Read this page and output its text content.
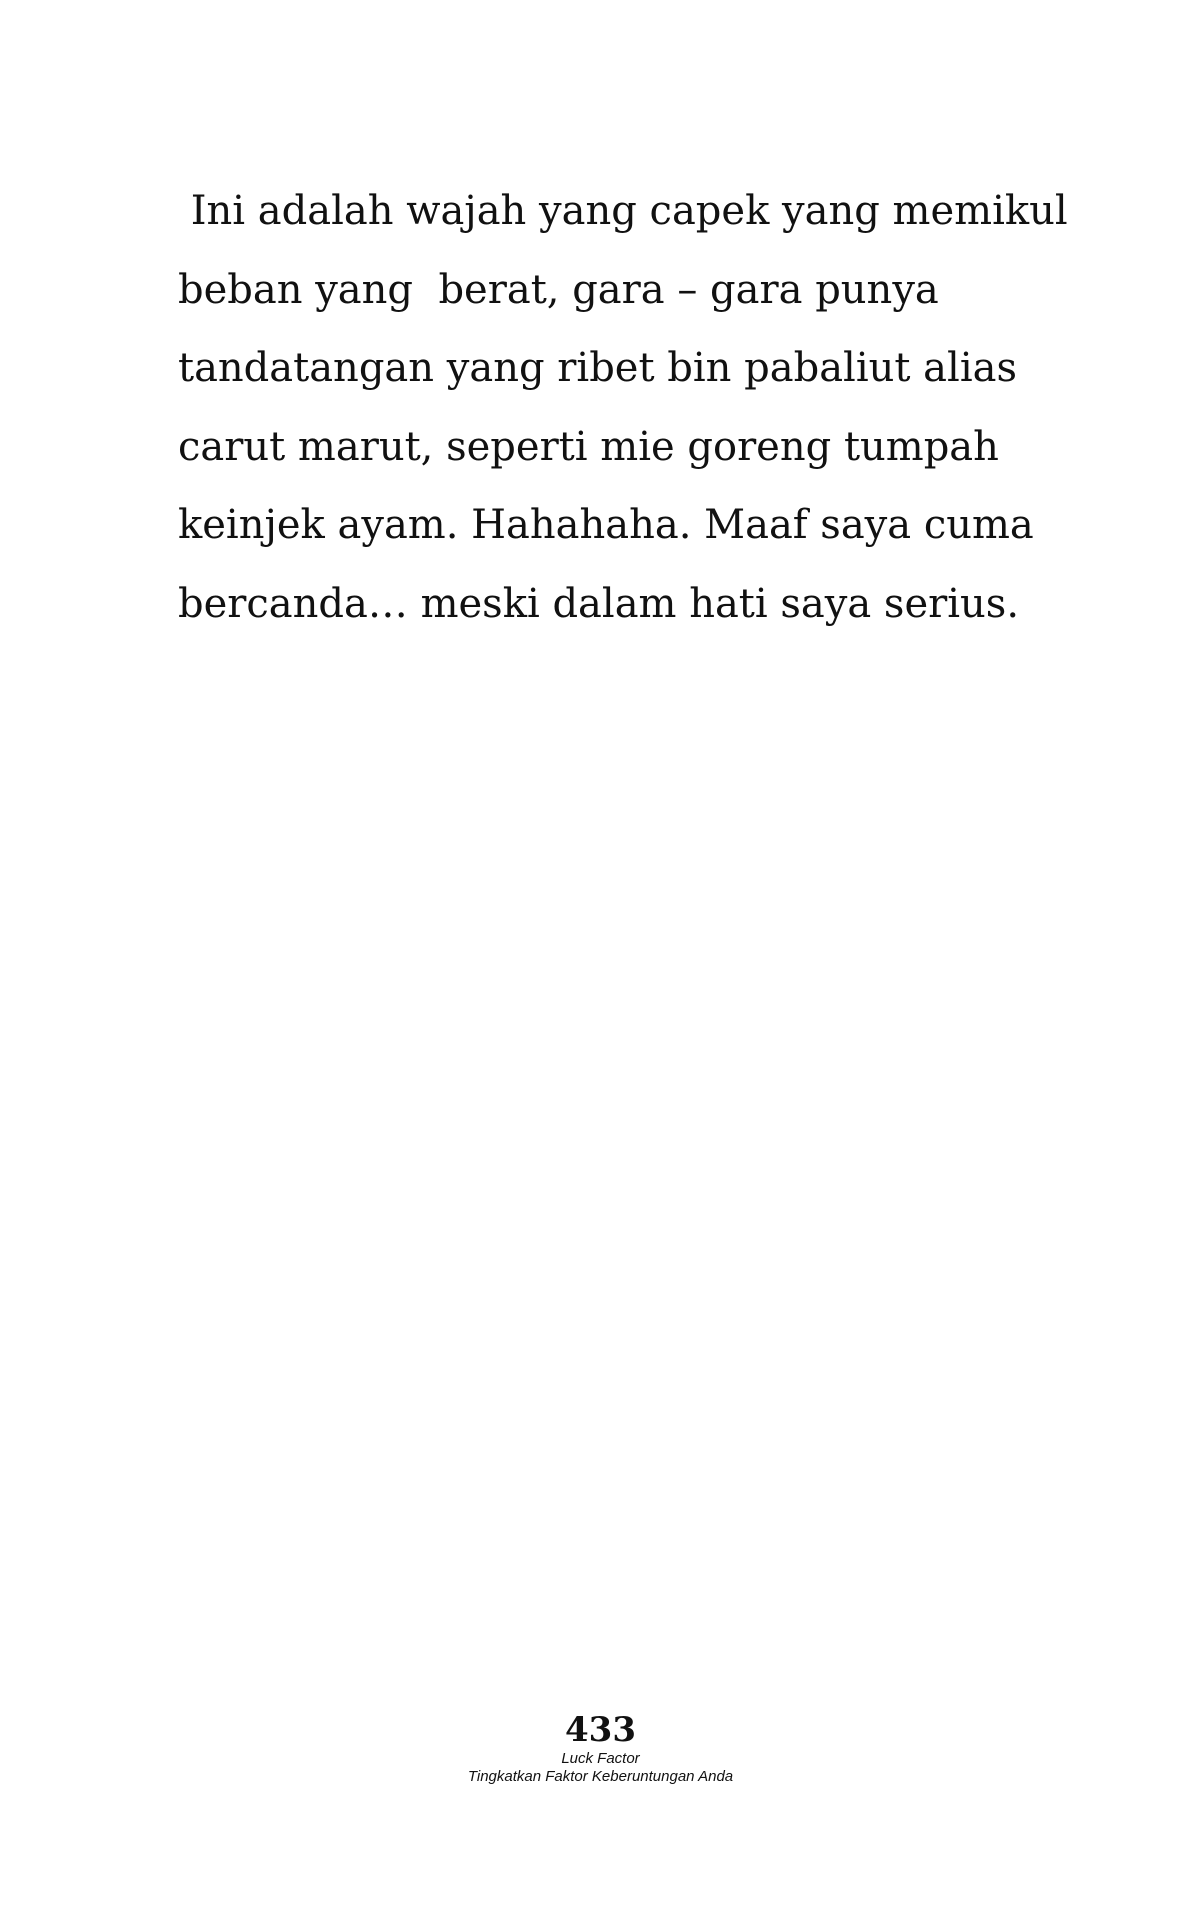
Ini adalah wajah yang capek yang memikul
beban yang  berat, gara – gara punya
tandatangan yang ribet bin pabaliut alias
carut marut, seperti mie goreng tumpah
keinjek ayam. Hahahaha. Maaf saya cuma
bercanda… meski dalam hati saya serius.
433
Luck Factor
Tingkatkan Faktor Keberuntungan Anda
